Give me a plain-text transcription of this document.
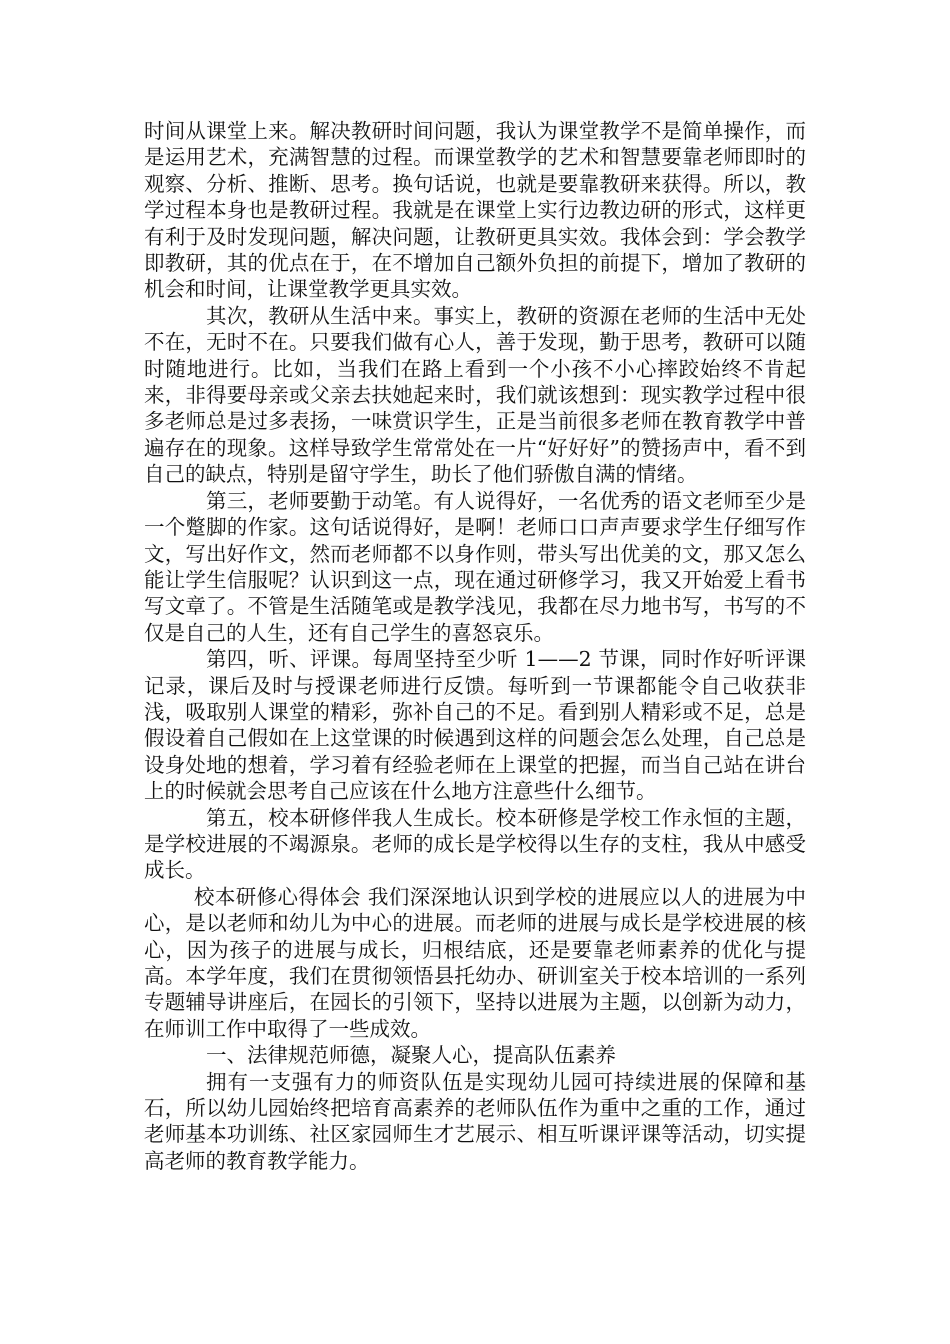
时间从课堂上来。解决教研时间问题，我认为课堂教学不是简单操作，而是运用艺术，充满智慧的过程。而课堂教学的艺术和智慧要靠老师即时的观察、分析、推断、思考。换句话说，也就是要靠教研来获得。所以，教学过程本身也是教研过程。我就是在课堂上实行边教边研的形式，这样更有利于及时发现问题，解决问题，让教研更具实效。我体会到：学会教学即教研，其的优点在于，在不增加自己额外负担的前提下，增加了教研的机会和时间，让课堂教学更具实效。

其次，教研从生活中来。事实上，教研的资源在老师的生活中无处不在，无时不在。只要我们做有心人，善于发现，勤于思考，教研可以随时随地进行。比如，当我们在路上看到一个小孩不小心摔跤始终不肯起来，非得要母亲或父亲去扶她起来时，我们就该想到：现实教学过程中很多老师总是过多表扬，一味赏识学生，正是当前很多老师在教育教学中普遍存在的现象。这样导致学生常常处在一片“好好好”的赞扬声中，看不到自己的缺点，特别是留守学生，助长了他们骄傲自满的情绪。

第三，老师要勤于动笔。有人说得好，一名优秀的语文老师至少是一个蹩脚的作家。这句话说得好，是啊！老师口口声声要求学生仔细写作文，写出好作文，然而老师都不以身作则，带头写出优美的文，那又怎么能让学生信服呢？认识到这一点，现在通过研修学习，我又开始爱上看书写文章了。不管是生活随笔或是教学浅见，我都在尽力地书写，书写的不仅是自己的人生，还有自己学生的喜怒哀乐。

第四，听、评课。每周坚持至少听 1——2 节课，同时作好听评课记录，课后及时与授课老师进行反馈。每听到一节课都能令自己收获非浅，吸取别人课堂的精彩，弥补自己的不足。看到别人精彩或不足，总是假设着自己假如在上这堂课的时候遇到这样的问题会怎么处理，自己总是设身处地的想着，学习着有经验老师在上课堂的把握，而当自己站在讲台上的时候就会思考自己应该在什么地方注意些什么细节。

第五，校本研修伴我人生成长。校本研修是学校工作永恒的主题，是学校进展的不竭源泉。老师的成长是学校得以生存的支柱，我从中感受成长。

校本研修心得体会 我们深深地认识到学校的进展应以人的进展为中心，是以老师和幼儿为中心的进展。而老师的进展与成长是学校进展的核心，因为孩子的进展与成长，归根结底，还是要靠老师素养的优化与提高。本学年度，我们在贯彻领悟县托幼办、研训室关于校本培训的一系列专题辅导讲座后，在园长的引领下，坚持以进展为主题，以创新为动力，在师训工作中取得了一些成效。

一、法律规范师德，凝聚人心，提高队伍素养

拥有一支强有力的师资队伍是实现幼儿园可持续进展的保障和基石，所以幼儿园始终把培育高素养的老师队伍作为重中之重的工作，通过老师基本功训练、社区家园师生才艺展示、相互听课评课等活动，切实提高老师的教育教学能力。
